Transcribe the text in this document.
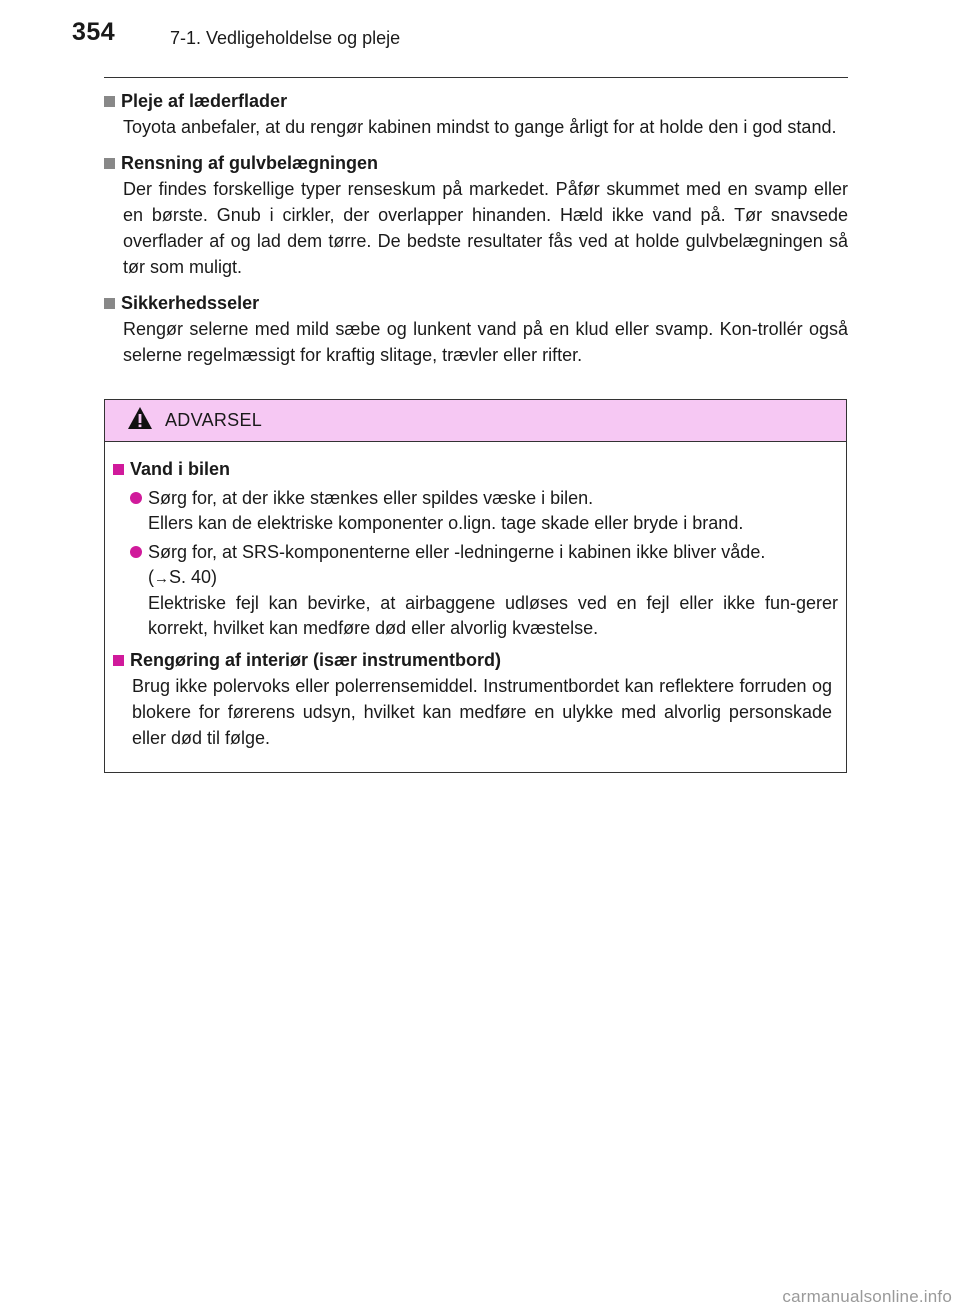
354	7-1. Vedligeholdelse og pleje
Pleje af læderflader
Toyota anbefaler, at du rengør kabinen mindst to gange årligt for at holde den i god stand.
Rensning af gulvbelægningen
Der findes forskellige typer renseskum på markedet. Påfør skummet med en svamp eller en børste. Gnub i cirkler, der overlapper hinanden. Hæld ikke vand på. Tør snavsede overflader af og lad dem tørre. De bedste resultater fås ved at holde gulvbelægningen så tør som muligt.
Sikkerhedsseler
Rengør selerne med mild sæbe og lunkent vand på en klud eller svamp. Kon-trollér også selerne regelmæssigt for kraftig slitage, trævler eller rifter.
ADVARSEL
Vand i bilen
Sørg for, at der ikke stænkes eller spildes væske i bilen.
Ellers kan de elektriske komponenter o.lign. tage skade eller bryde i brand.
Sørg for, at SRS-komponenterne eller -ledningerne i kabinen ikke bliver våde.
(→S. 40)
Elektriske fejl kan bevirke, at airbaggene udløses ved en fejl eller ikke fun-gerer korrekt, hvilket kan medføre død eller alvorlig kvæstelse.
Rengøring af interiør (især instrumentbord)
Brug ikke polervoks eller polerrensemiddel. Instrumentbordet kan reflektere forruden og blokere for førerens udsyn, hvilket kan medføre en ulykke med alvorlig personskade eller død til følge.
carmanualsonline.info
